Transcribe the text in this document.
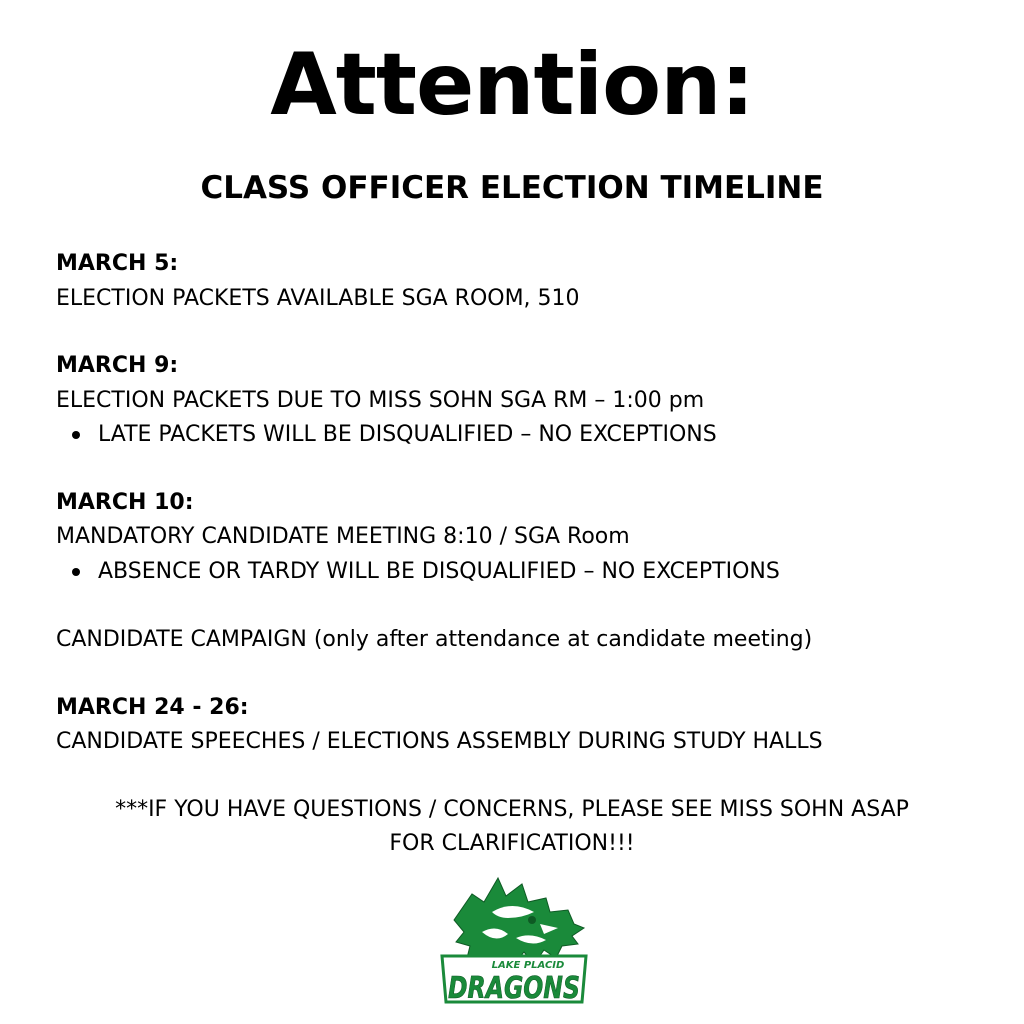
Attention:
CLASS OFFICER ELECTION TIMELINE
MARCH 5:
ELECTION PACKETS AVAILABLE SGA ROOM, 510
MARCH 9:
ELECTION PACKETS DUE TO MISS SOHN SGA RM – 1:00 pm
LATE PACKETS WILL BE DISQUALIFIED – NO EXCEPTIONS
MARCH 10:
MANDATORY CANDIDATE MEETING 8:10 / SGA Room
ABSENCE OR TARDY WILL BE DISQUALIFIED – NO EXCEPTIONS
CANDIDATE CAMPAIGN (only after attendance at candidate meeting)
MARCH 24 - 26:
CANDIDATE SPEECHES / ELECTIONS ASSEMBLY DURING STUDY HALLS
***IF YOU HAVE QUESTIONS / CONCERNS, PLEASE SEE MISS SOHN ASAP
FOR CLARIFICATION!!!
LAKE PLACID
DRAGONS
